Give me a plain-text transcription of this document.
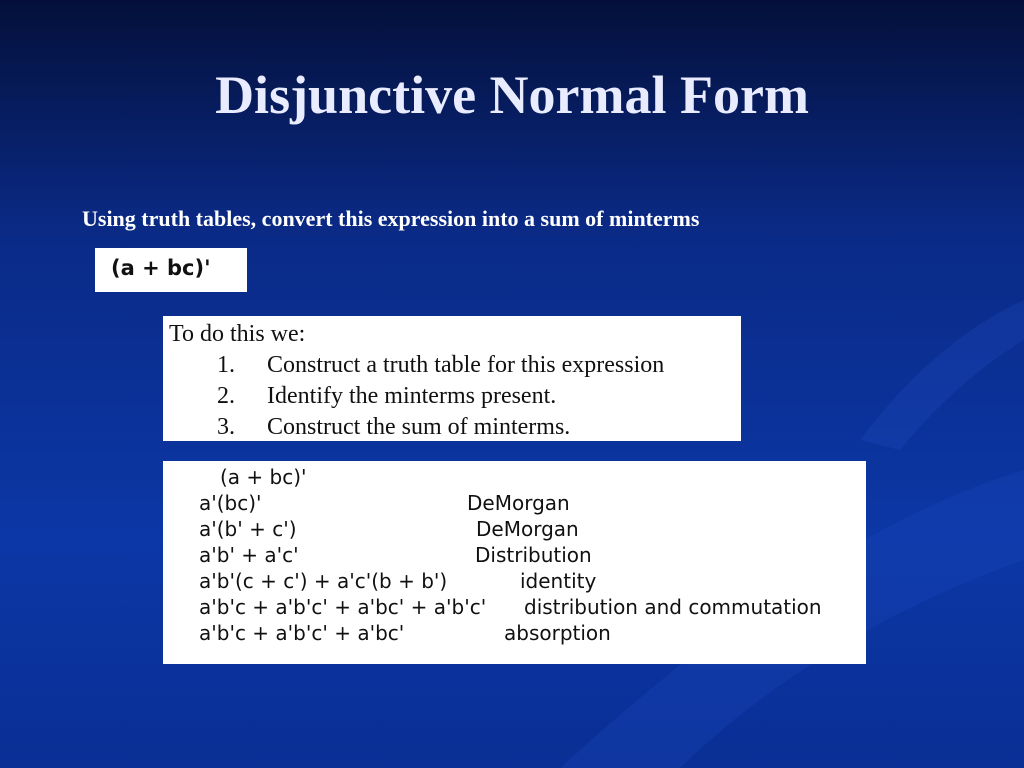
Disjunctive Normal Form

Using truth tables, convert this expression into a sum of minterms

(a + bc)'
To do this we:
1. Construct a truth table for this expression
2. Identify the minterms present.
3. Construct the sum of minterms.
(a + bc)'
a'(bc)'	DeMorgan
a'(b' + c')	DeMorgan
a'b' + a'c'	Distribution
a'b'(c + c') + a'c'(b + b')	identity
a'b'c + a'b'c' + a'bc' + a'b'c' distribution and commutation
a'b'c + a'b'c' + a'bc'	absorption
